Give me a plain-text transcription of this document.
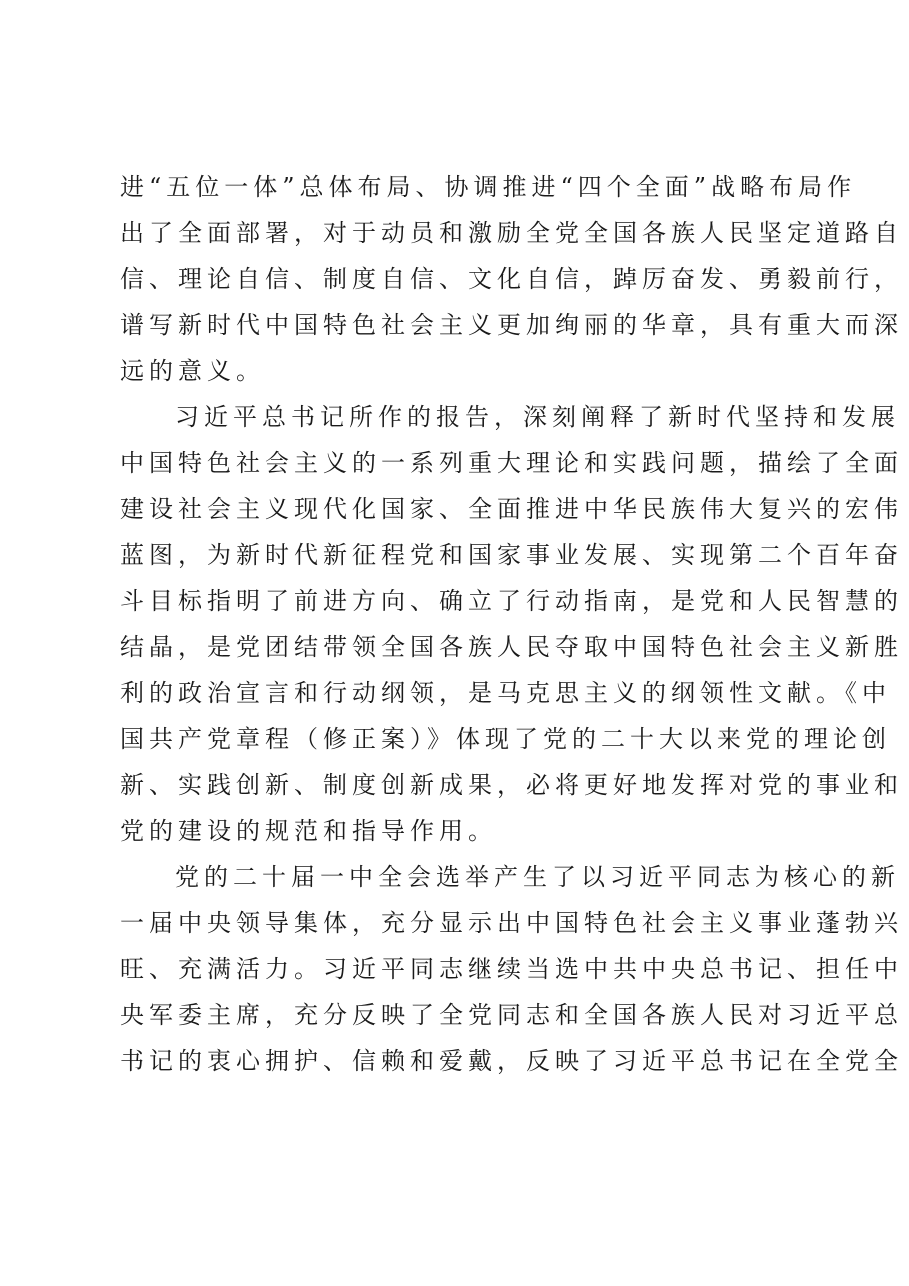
进“五位一体”总体布局、协调推进“四个全面”战略布局作
出了全面部署，对于动员和激励全党全国各族人民坚定道路自
信、理论自信、制度自信、文化自信，踔厉奋发、勇毅前行，
谱写新时代中国特色社会主义更加绚丽的华章，具有重大而深
远的意义。
习近平总书记所作的报告，深刻阐释了新时代坚持和发展
中国特色社会主义的一系列重大理论和实践问题，描绘了全面
建设社会主义现代化国家、全面推进中华民族伟大复兴的宏伟
蓝图，为新时代新征程党和国家事业发展、实现第二个百年奋
斗目标指明了前进方向、确立了行动指南，是党和人民智慧的
结晶，是党团结带领全国各族人民夺取中国特色社会主义新胜
利的政治宣言和行动纲领，是马克思主义的纲领性文献。《中
国共产党章程（修正案）》体现了党的二十大以来党的理论创
新、实践创新、制度创新成果，必将更好地发挥对党的事业和
党的建设的规范和指导作用。
党的二十届一中全会选举产生了以习近平同志为核心的新
一届中央领导集体，充分显示出中国特色社会主义事业蓬勃兴
旺、充满活力。习近平同志继续当选中共中央总书记、担任中
央军委主席，充分反映了全党同志和全国各族人民对习近平总
书记的衷心拥护、信赖和爱戴，反映了习近平总书记在全党全
